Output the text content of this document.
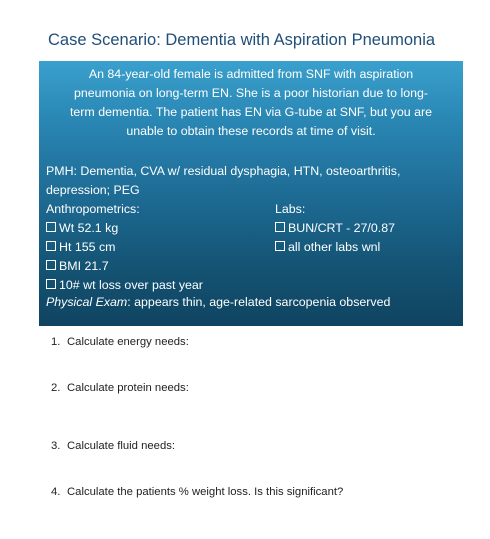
Case Scenario: Dementia with Aspiration Pneumonia
An 84-year-old female is admitted from SNF with aspiration
pneumonia on long-term EN. She is a poor historian due to long-
term dementia. The patient has EN via G-tube at SNF, but you are
unable to obtain these records at time of visit.
PMH: Dementia, CVA w/ residual dysphagia, HTN, osteoarthritis,
depression; PEG
Anthropometrics:	Labs:
Wt 52.1 kg	BUN/CRT - 27/0.87
Ht 155 cm	all other labs wnl
BMI 21.7
10# wt loss over past year
Physical Exam: appears thin, age-related sarcopenia observed
1. Calculate energy needs:
2. Calculate protein needs:
3. Calculate fluid needs:
4. Calculate the patients % weight loss. Is this significant?
